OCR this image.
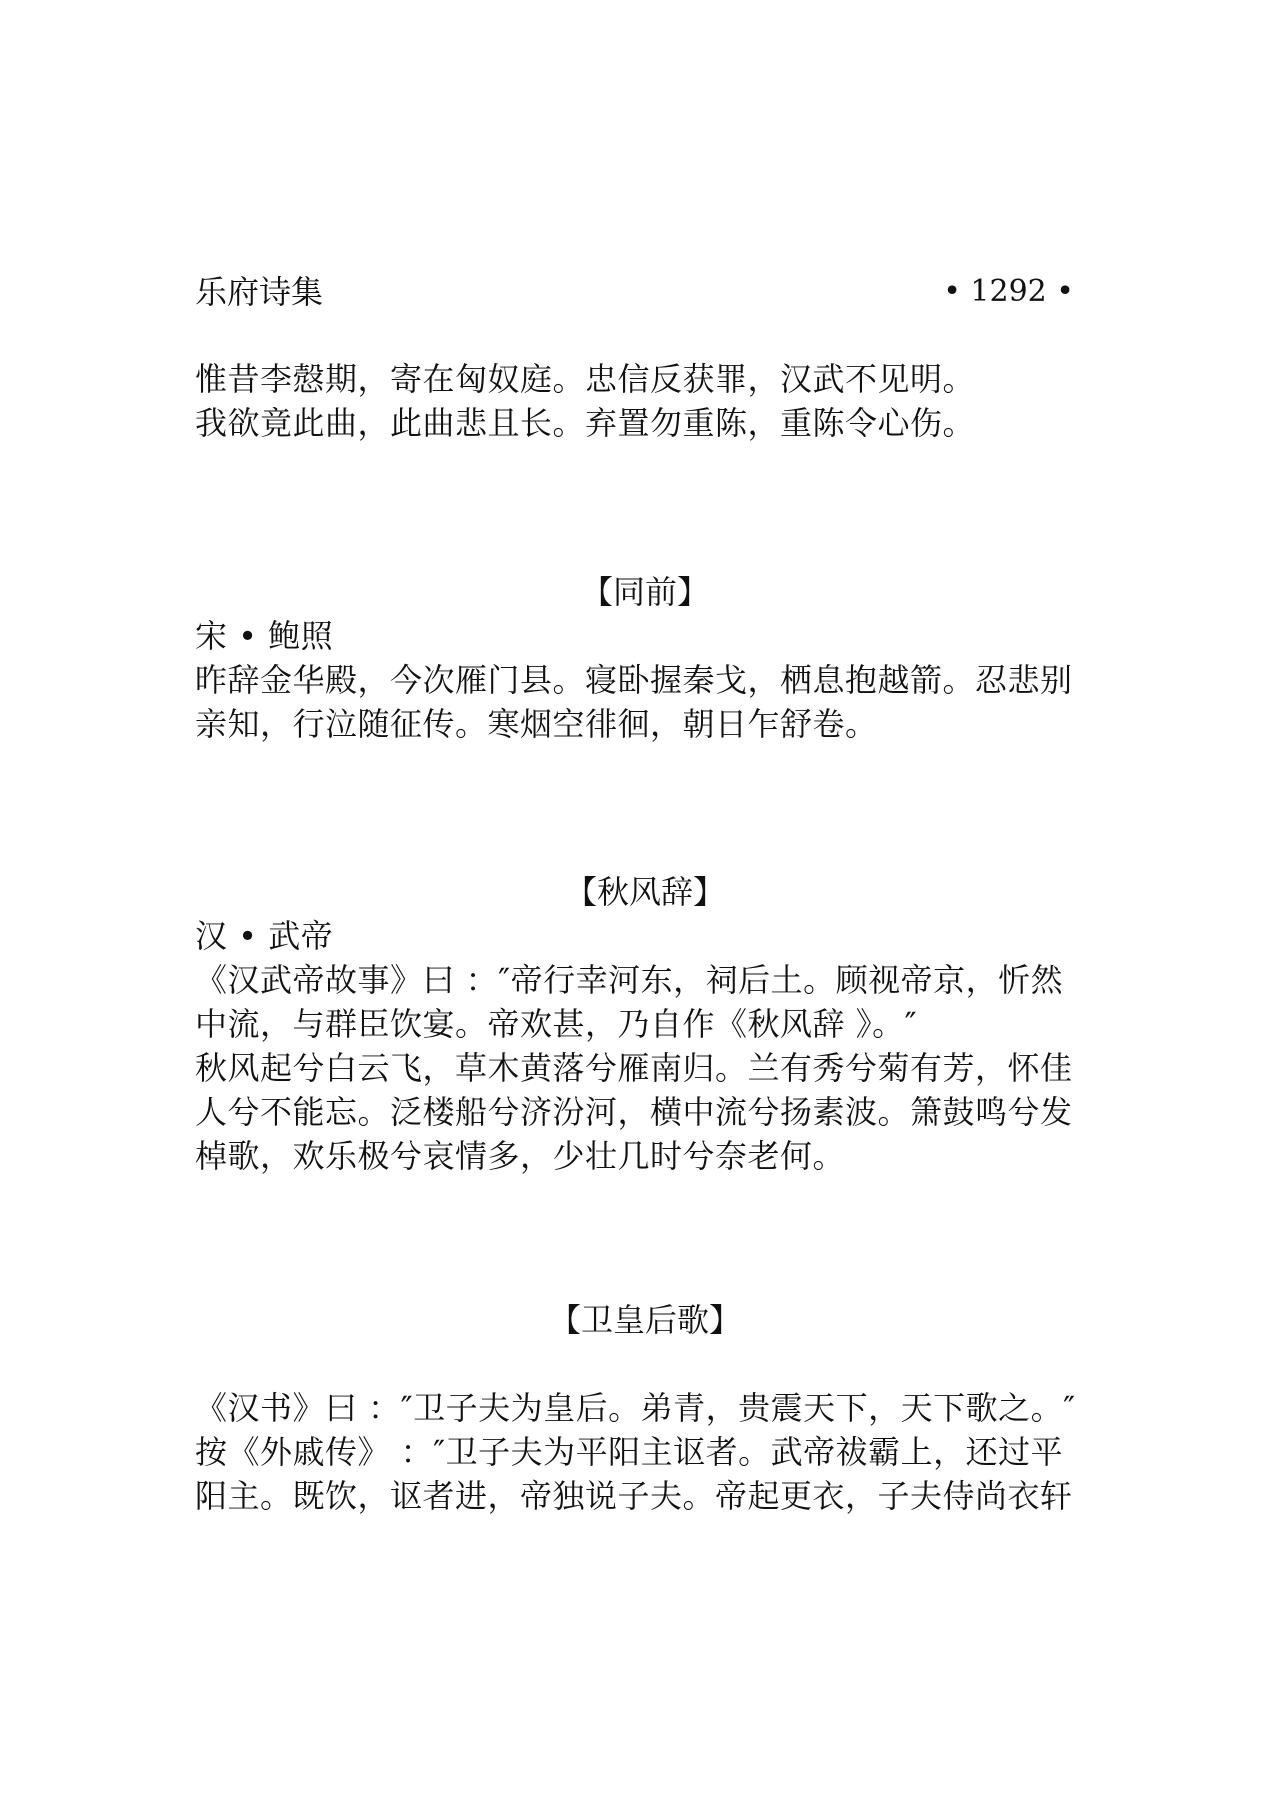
乐府诗集	• 1292 •
惟昔李慤期，寄在匈奴庭。忠信反获罪，汉武不见明。
我欲竟此曲，此曲悲且长。弃置勿重陈，重陈令心伤。
【同前】
宋 • 鲍照
昨辞金华殿，今次雁门县。寝卧握秦戈，栖息抱越箭。忍悲别
亲知，行泣随征传。寒烟空徘徊，朝日乍舒卷。
【秋风辞】
汉 • 武帝
《汉武帝故事》曰 ：″帝行幸河东，祠后土。顾视帝京，忻然
中流，与群臣饮宴。帝欢甚，乃自作《秋风辞 》。″
秋风起兮白云飞，草木黄落兮雁南归。兰有秀兮菊有芳，怀佳
人兮不能忘。泛楼船兮济汾河，横中流兮扬素波。箫鼓鸣兮发
棹歌，欢乐极兮哀情多，少壮几时兮奈老何。
【卫皇后歌】
《汉书》曰 ：″卫子夫为皇后。弟青，贵震天下，天下歌之。″
按《外戚传》 ：″卫子夫为平阳主讴者。武帝祓霸上，还过平
阳主。既饮，讴者进，帝独说子夫。帝起更衣，子夫侍尚衣轩
